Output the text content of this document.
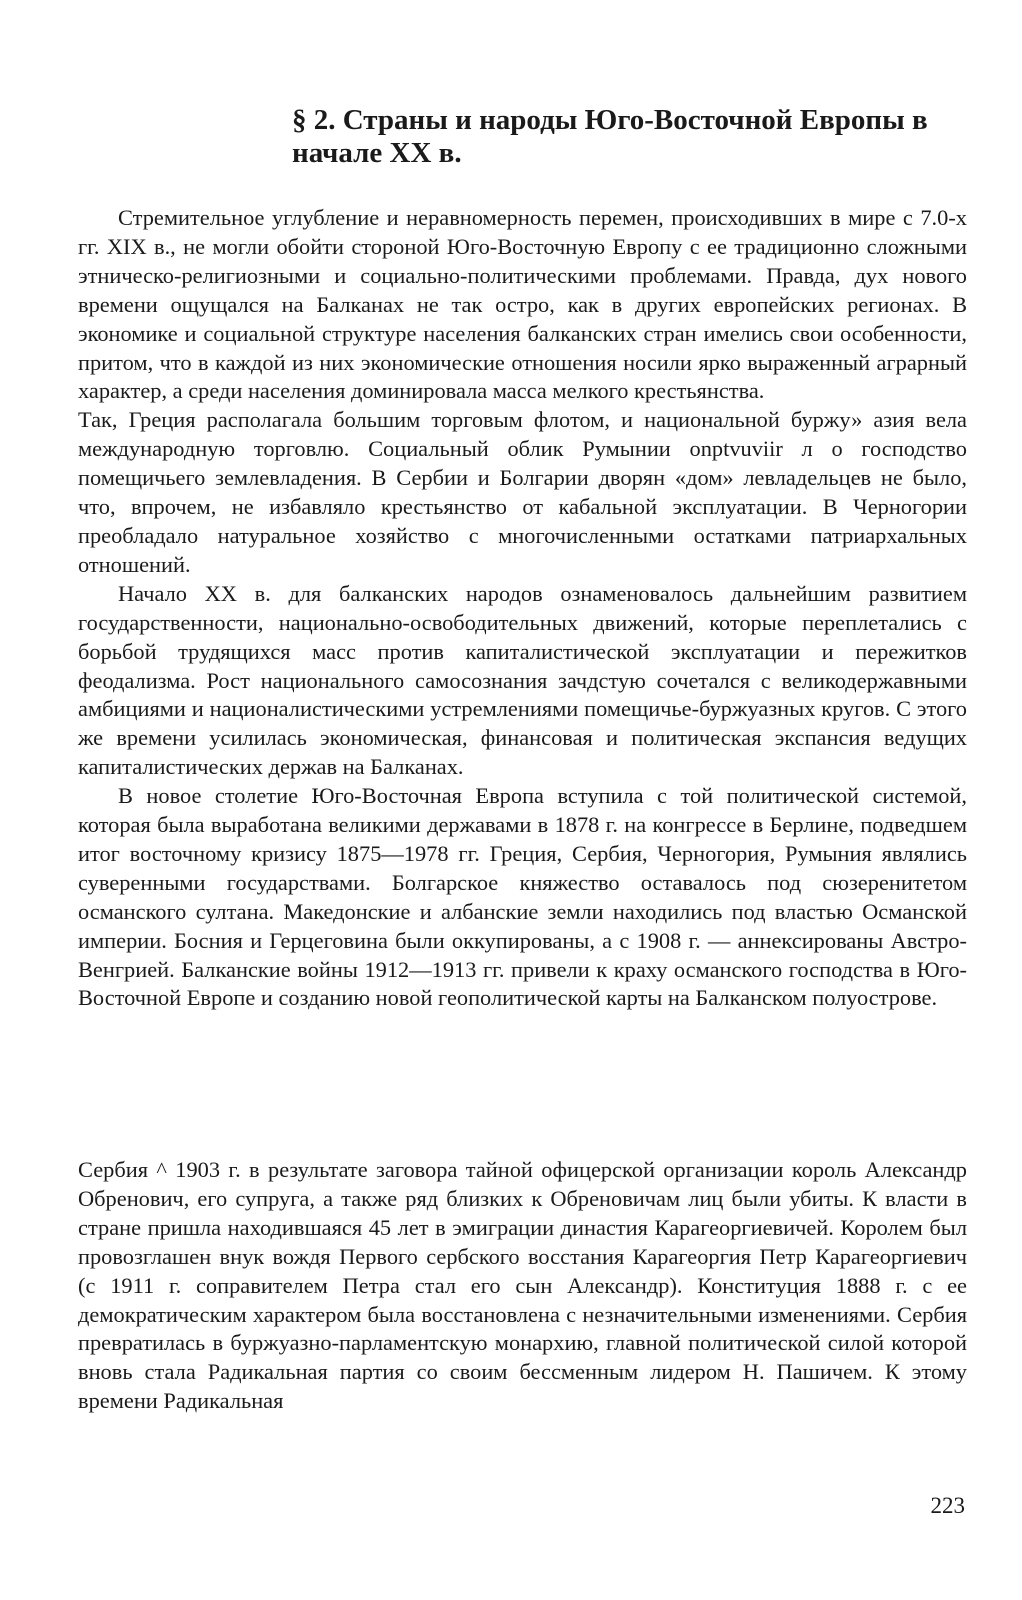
§ 2. Страны и народы Юго-Восточной Европы в начале XX в.

Стремительное углубление и неравномерность перемен, происходивших в мире с 7.0-х гг. XIX в., не могли обойти стороной Юго-Восточную Европу с ее традиционно сложными этническо-религиозными и социально-политическими проблемами. Правда, дух нового времени ощущался на Балканах не так остро, как в других европейских регионах. В экономике и социальной структуре населения балканских стран имелись свои особенности, притом, что в каждой из них экономические отношения носили ярко выраженный аграрный характер, а среди населения доминировала масса мелкого крестьянства.

Так, Греция располагала большим торговым флотом, и национальной буржу» азия вела международную торговлю. Социальный облик Румынии onptvuviir л о господство помещичьего землевладения. В Сербии и Болгарии дворян «дом» левладельцев не было, что, впрочем, не избавляло крестьянство от кабальной эксплуатации. В Черногории преобладало натуральное хозяйство с многочисленными остатками патриархальных отношений.

Начало XX в. для балканских народов ознаменовалось дальнейшим развитием государственности, национально-освободительных движений, которые переплетались с борьбой трудящихся масс против капиталистической эксплуатации и пережитков феодализма. Рост национального самосознания зачдстую сочетался с великодержавными амбициями и националистическими устремлениями помещичье-буржуазных кругов. С этого же времени усилилась экономическая, финансовая и политическая экспансия ведущих капиталистических держав на Балканах.

В новое столетие Юго-Восточная Европа вступила с той политической системой, которая была выработана великими державами в 1878 г. на конгрессе в Берлине, подведшем итог восточному кризису 1875—1978 гг. Греция, Сербия, Черногория, Румыния являлись суверенными государствами. Болгарское княжество оставалось под сюзеренитетом османского султана. Македонские и албанские земли находились под властью Османской империи. Босния и Герцеговина были оккупированы, а с 1908 г. — аннексированы Австро-Венгрией. Балканские войны 1912—1913 гг. привели к краху османского господства в Юго-Восточной Европе и созданию новой геополитической карты на Балканском полуострове.

Сербия ^ 1903 г. в результате заговора тайной офицерской организации король Александр Обренович, его супруга, а также ряд близких к Обреновичам лиц были убиты. К власти в стране пришла находившаяся 45 лет в эмиграции династия Карагеоргиевичей. Королем был провозглашен внук вождя Первого сербского восстания Карагеоргия Петр Карагеоргиевич (с 1911 г. соправителем Петра стал его сын Александр). Конституция 1888 г. с ее демократическим характером была восстановлена с незначительными изменениями. Сербия превратилась в буржуазно-парламентскую монархию, главной политической силой которой вновь стала Радикальная партия со своим бессменным лидером Н. Пашичем. К этому времени Радикальная

223
